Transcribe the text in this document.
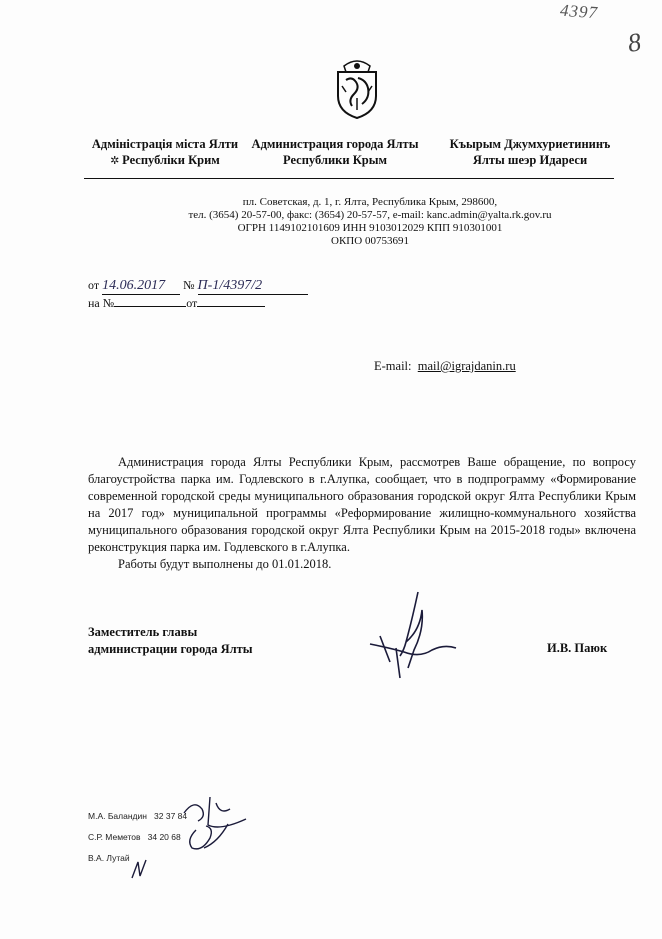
4397
8
Адміністрація міста Ялти
✲ Республіки Крим
Администрация города Ялты
Республики Крым
Къырым Джумхуриетининъ
Ялты шеэр Идареси
пл. Советская, д. 1, г. Ялта, Республика Крым, 298600,
тел. (3654) 20-57-00, факс: (3654) 20-57-57, e-mail: kanc.admin@yalta.rk.gov.ru
ОГРН 1149102101609 ИНН 9103012029 КПП 910301001
ОКПО 00753691
от 14.06.2017 № П-1/4397/2
на №	от
E-mail: mail@igrajdanin.ru

Администрация города Ялты Республики Крым, рассмотрев Ваше обращение, по вопросу благоустройства парка им. Годлевского в г.Алупка, сообщает, что в подпрограмму «Формирование современной городской среды муниципального образования городской округ Ялта Республики Крым на 2017 год» муниципальной программы «Реформирование жилищно-коммунального хозяйства муниципального образования городской округ Ялта Республики Крым на 2015-2018 годы» включена реконструкция парка им. Годлевского в г.Алупка.

Работы будут выполнены до 01.01.2018.

Заместитель главы
администрации города Ялты	И.В. Паюк
М.А. Баландин 32 37 84
С.Р. Меметов 34 20 68
В.А. Лутай
